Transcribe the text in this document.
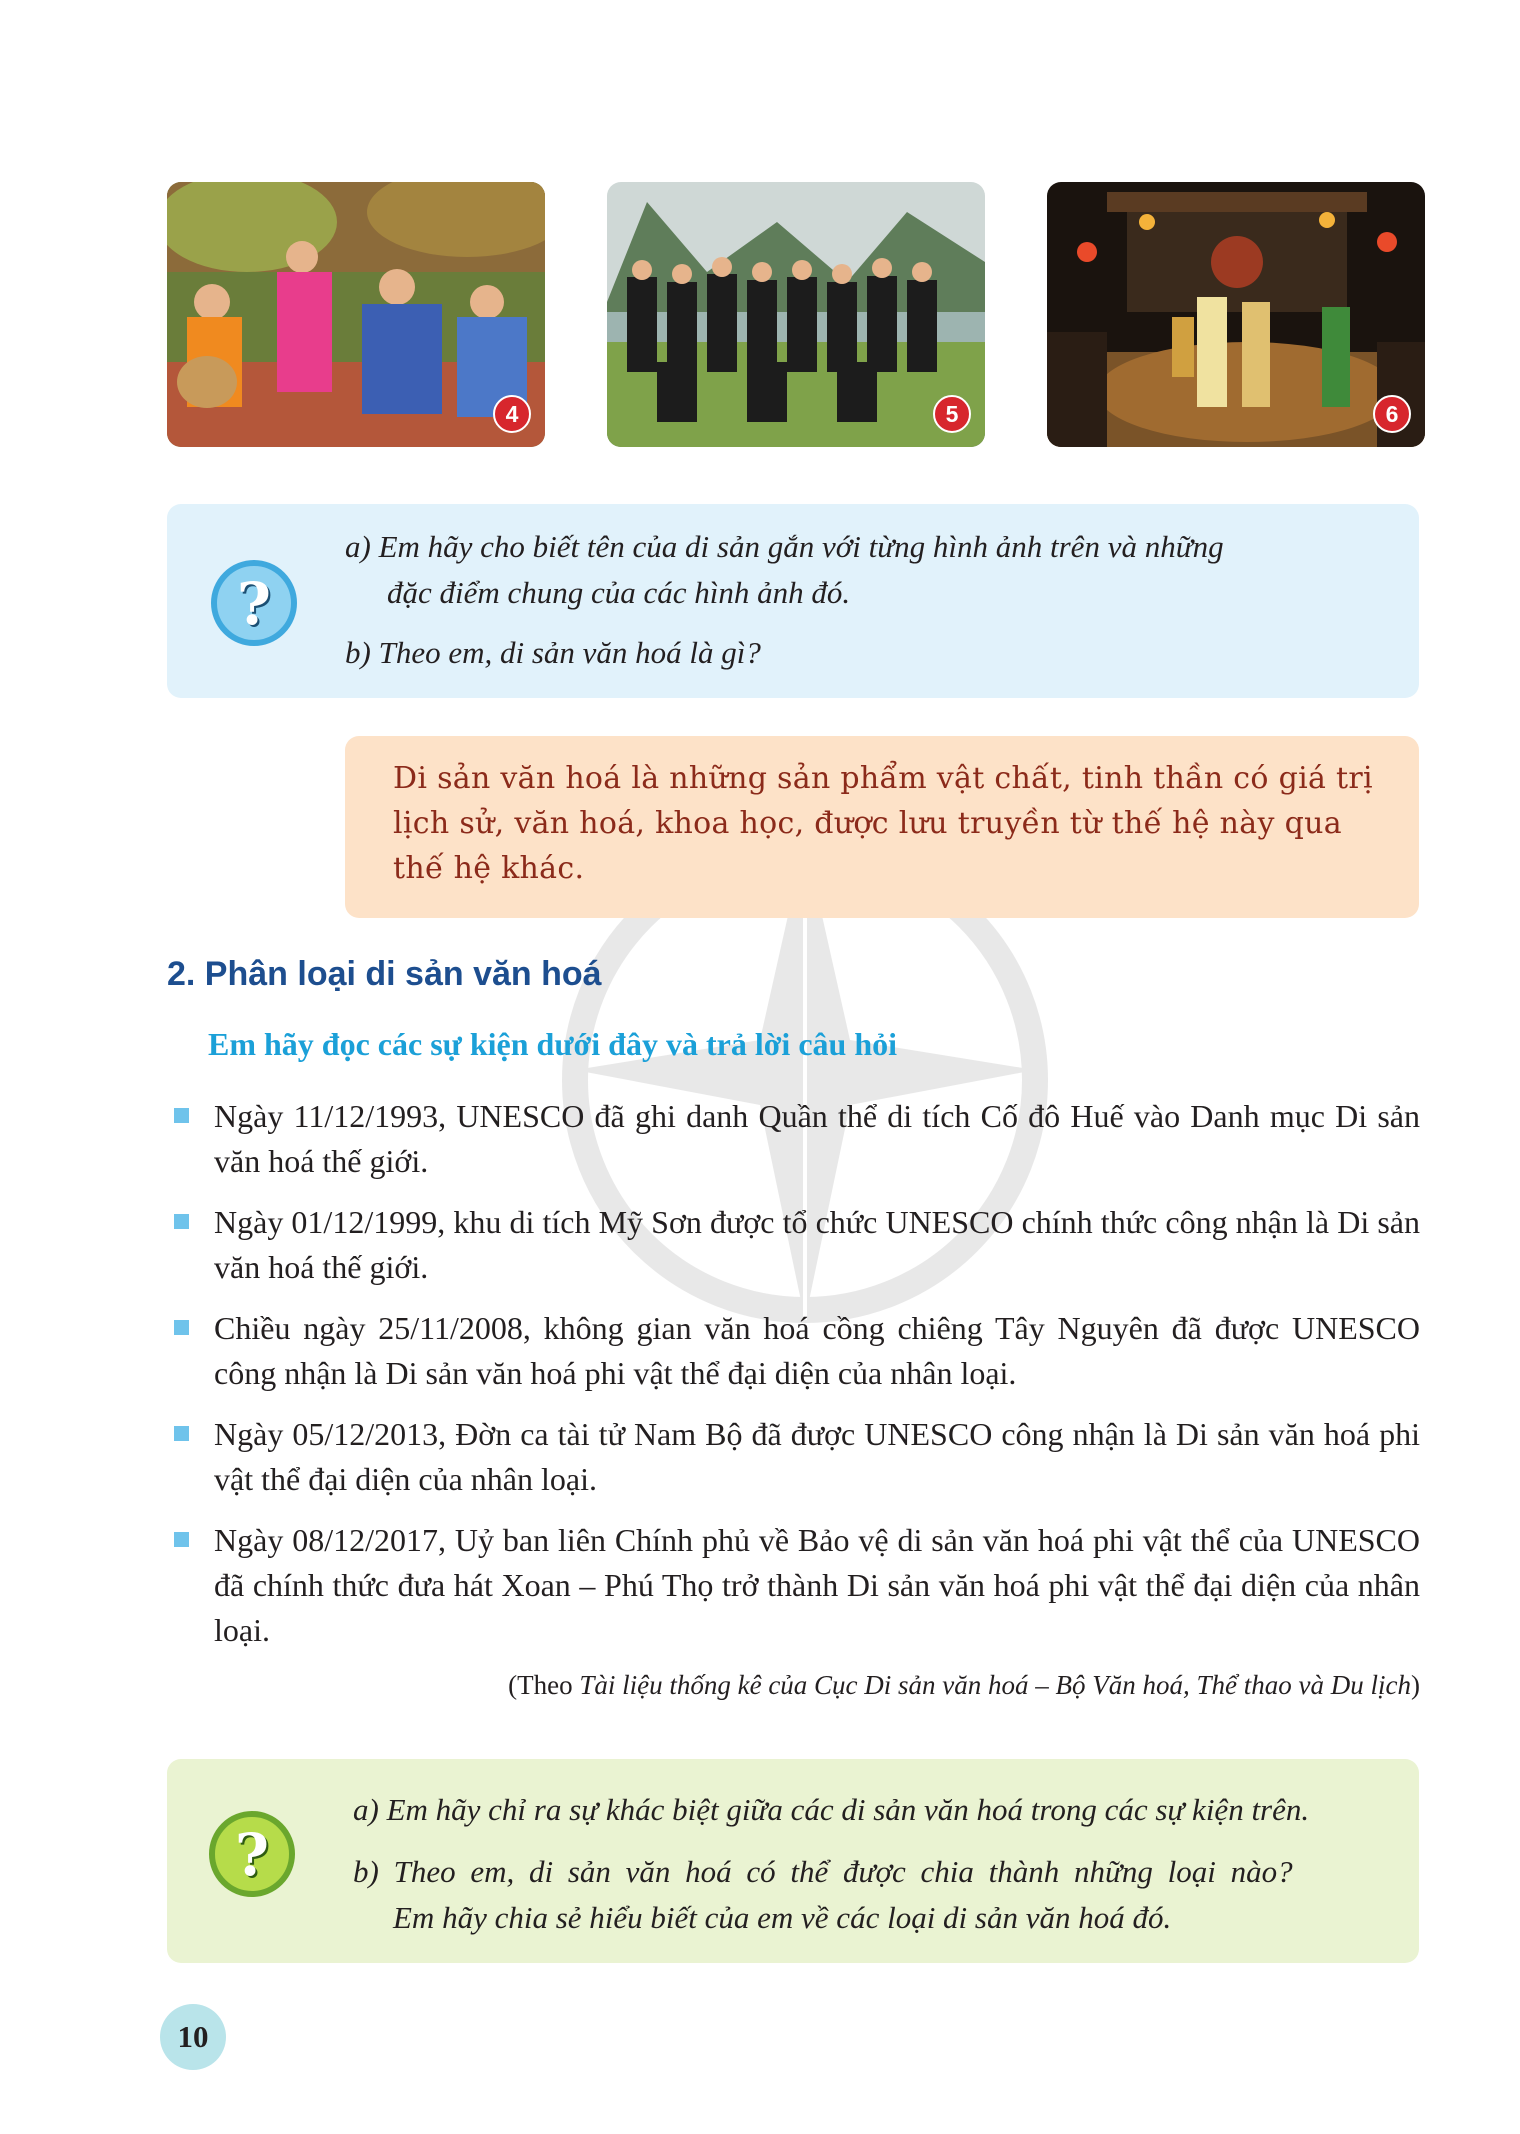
4	5	6
?
a) Em hãy cho biết tên của di sản gắn với từng hình ảnh trên và những
đặc điểm chung của các hình ảnh đó.
b) Theo em, di sản văn hoá là gì?
Di sản văn hoá là những sản phẩm vật chất, tinh thần có giá trị lịch sử, văn hoá, khoa học, được lưu truyền từ thế hệ này qua thế hệ khác.
2. Phân loại di sản văn hoá
Em hãy đọc các sự kiện dưới đây và trả lời câu hỏi
Ngày 11/12/1993, UNESCO đã ghi danh Quần thể di tích Cố đô Huế vào Danh mục Di sản văn hoá thế giới.
Ngày 01/12/1999, khu di tích Mỹ Sơn được tổ chức UNESCO chính thức công nhận là Di sản văn hoá thế giới.
Chiều ngày 25/11/2008, không gian văn hoá cồng chiêng Tây Nguyên đã được UNESCO công nhận là Di sản văn hoá phi vật thể đại diện của nhân loại.
Ngày 05/12/2013, Đờn ca tài tử Nam Bộ đã được UNESCO công nhận là Di sản văn hoá phi vật thể đại diện của nhân loại.
Ngày 08/12/2017, Uỷ ban liên Chính phủ về Bảo vệ di sản văn hoá phi vật thể của UNESCO đã chính thức đưa hát Xoan – Phú Thọ trở thành Di sản văn hoá phi vật thể đại diện của nhân loại.
(Theo Tài liệu thống kê của Cục Di sản văn hoá – Bộ Văn hoá, Thể thao và Du lịch)
?
a) Em hãy chỉ ra sự khác biệt giữa các di sản văn hoá trong các sự kiện trên.
b) Theo em, di sản văn hoá có thể được chia thành những loại nào?
Em hãy chia sẻ hiểu biết của em về các loại di sản văn hoá đó.
10
